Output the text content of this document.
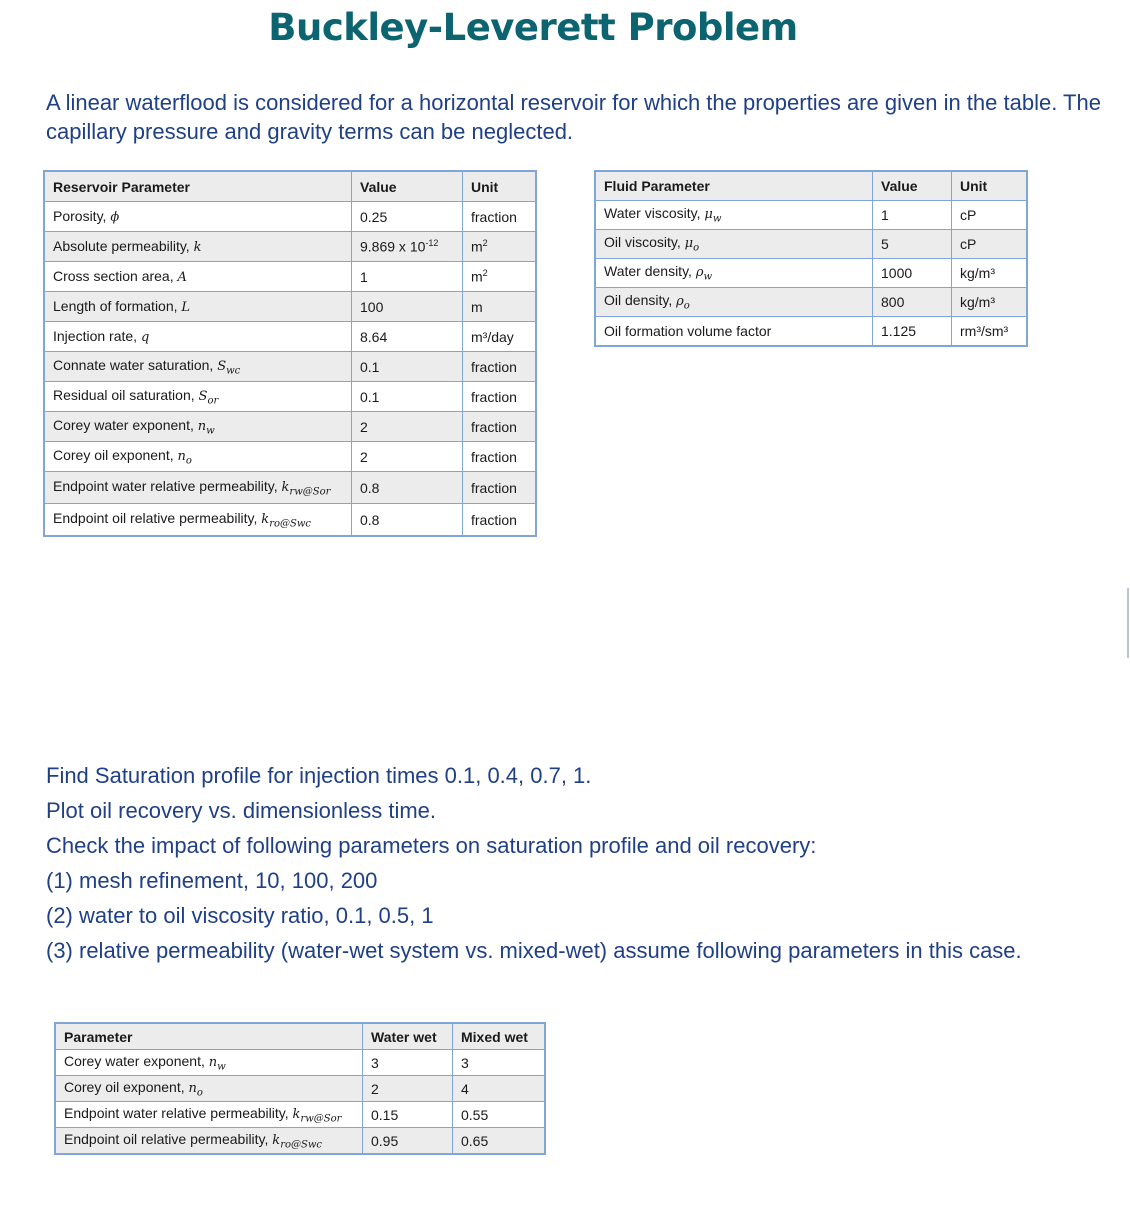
Buckley-Leverett Problem
A linear waterflood is considered for a horizontal reservoir for which the properties are given in the table. The capillary pressure and gravity terms can be neglected.
Reservoir Parameter	Value	Unit
Porosity, ϕ	0.25	fraction
Absolute permeability, k	9.869 x $10^{-12}$	$m^2$
Cross section area, A	1	$m^2$
Length of formation, L	100	m
Injection rate, q	8.64	m³/day
Connate water saturation, $S_{wc}$	0.1	fraction
Residual oil saturation, $S_{or}$	0.1	fraction
Corey water exponent, $n_w$	2	fraction
Corey oil exponent, $n_o$	2	fraction
Endpoint water relative permeability, $k_{rw@Sor}$	0.8	fraction
Endpoint oil relative permeability, $k_{ro@Swc}$	0.8	fraction
Fluid Parameter	Value	Unit
Water viscosity, $\mu_w$	1	cP
Oil viscosity, $\mu_o$	5	cP
Water density, $\rho_w$	1000	kg/m³
Oil density, $\rho_o$	800	kg/m³
Oil formation volume factor	1.125	rm³/sm³
Find Saturation profile for injection times 0.1, 0.4, 0.7, 1.
Plot oil recovery vs. dimensionless time.
Check the impact of following parameters on saturation profile and oil recovery:
(1) mesh refinement, 10, 100, 200
(2) water to oil viscosity ratio, 0.1, 0.5, 1
(3) relative permeability (water-wet system vs. mixed-wet) assume following parameters in this case.
Parameter	Water wet	Mixed wet
Corey water exponent, $n_w$	3	3
Corey oil exponent, $n_o$	2	4
Endpoint water relative permeability, $k_{rw@Sor}$	0.15	0.55
Endpoint oil relative permeability, $k_{ro@Swc}$	0.95	0.65
